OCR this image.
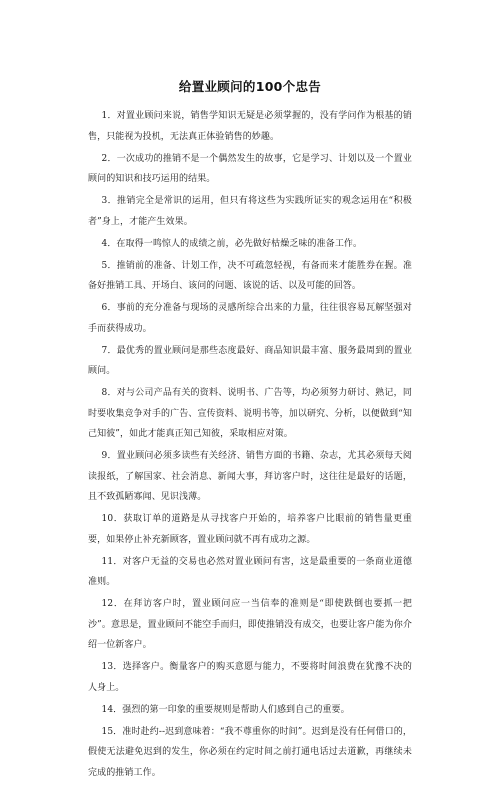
给置业顾问的100个忠告

1．对置业顾问来说，销售学知识无疑是必须掌握的，没有学问作为根基的销售，只能视为投机，无法真正体验销售的妙趣。

2．一次成功的推销不是一个偶然发生的故事，它是学习、计划以及一个置业顾问的知识和技巧运用的结果。

3．推销完全是常识的运用，但只有将这些为实践所证实的观念运用在“积极者”身上，才能产生效果。

4．在取得一鸣惊人的成绩之前，必先做好枯燥乏味的准备工作。

5．推销前的准备、计划工作，决不可疏忽轻视，有备而来才能胜券在握。准备好推销工具、开场白、该问的问题、该说的话、以及可能的回答。

6．事前的充分准备与现场的灵感所综合出来的力量，往往很容易瓦解坚强对手而获得成功。

7．最优秀的置业顾问是那些态度最好、商品知识最丰富、服务最周到的置业顾问。

8．对与公司产品有关的资料、说明书、广告等，均必须努力研讨、熟记，同时要收集竞争对手的广告、宣传资料、说明书等，加以研究、分析，以便做到“知己知彼”，如此才能真正知己知彼，采取相应对策。

9．置业顾问必须多读些有关经济、销售方面的书籍、杂志，尤其必须每天阅读报纸，了解国家、社会消息、新闻大事，拜访客户时，这往往是最好的话题，且不致孤陋寡闻、见识浅薄。

10．获取订单的道路是从寻找客户开始的，培养客户比眼前的销售量更重要，如果停止补充新顾客，置业顾问就不再有成功之源。

11．对客户无益的交易也必然对置业顾问有害，这是最重要的一条商业道德准则。

12．在拜访客户时，置业顾问应一当信奉的准则是“即使跌倒也要抓一把沙”。意思是，置业顾问不能空手而归，即使推销没有成交，也要让客户能为你介绍一位新客户。

13．选择客户。衡量客户的购买意愿与能力，不要将时间浪费在犹豫不决的人身上。

14．强烈的第一印象的重要规则是帮助人们感到自己的重要。

15．准时赴约--迟到意味着：“我不尊重你的时间”。迟到是没有任何借口的，假使无法避免迟到的发生，你必须在约定时间之前打通电话过去道歉，再继续未完成的推销工作。
